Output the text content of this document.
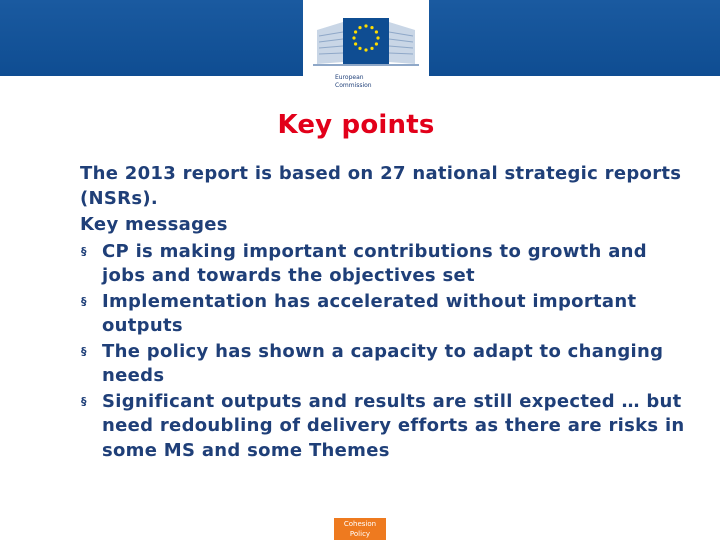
European
Commission
Key points

The 2013 report is based on 27 national strategic reports (NSRs).

Key messages

§ CP is making important contributions to growth and jobs and towards the objectives set
§ Implementation has accelerated without important outputs
§ The policy has shown a capacity to adapt to changing needs
§ Significant outputs and results are still expected … but need redoubling of delivery efforts as there are risks in some MS and some Themes
Cohesion
Policy
